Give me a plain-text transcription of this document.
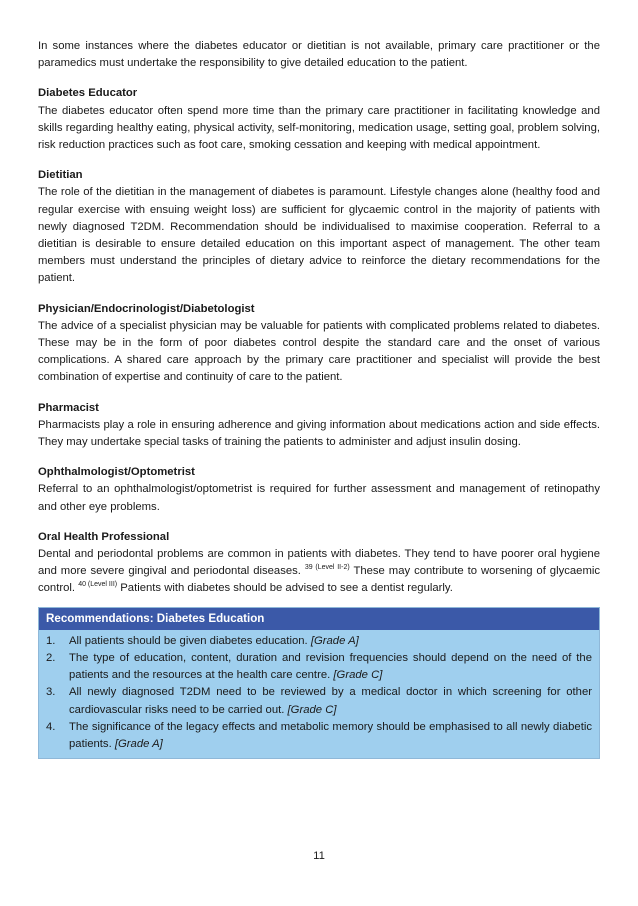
In some instances where the diabetes educator or dietitian is not available, primary care practitioner or the paramedics must undertake the responsibility to give detailed education to the patient.

Diabetes Educator

The diabetes educator often spend more time than the primary care practitioner in facilitating knowledge and skills regarding healthy eating, physical activity, self-monitoring, medication usage, setting goal, problem solving, risk reduction practices such as foot care, smoking cessation and keeping with medical appointment.

Dietitian

The role of the dietitian in the management of diabetes is paramount. Lifestyle changes alone (healthy food and regular exercise with ensuing weight loss) are sufficient for glycaemic control in the majority of patients with newly diagnosed T2DM. Recommendation should be individualised to maximise cooperation. Referral to a dietitian is desirable to ensure detailed education on this important aspect of management. The other team members must understand the principles of dietary advice to reinforce the dietary recommendations for the patient.

Physician/Endocrinologist/Diabetologist

The advice of a specialist physician may be valuable for patients with complicated problems related to diabetes. These may be in the form of poor diabetes control despite the standard care and the onset of various complications. A shared care approach by the primary care practitioner and specialist will provide the best combination of expertise and continuity of care to the patient.

Pharmacist

Pharmacists play a role in ensuring adherence and giving information about medications action and side effects. They may undertake special tasks of training the patients to administer and adjust insulin dosing.

Ophthalmologist/Optometrist

Referral to an ophthalmologist/optometrist is required for further assessment and management of retinopathy and other eye problems.

Oral Health Professional

Dental and periodontal problems are common in patients with diabetes. They tend to have poorer oral hygiene and more severe gingival and periodontal diseases. $^{39 (Level II-2)}$ These may contribute to worsening of glycaemic control. $^{40 (Level III)}$ Patients with diabetes should be advised to see a dentist regularly.

Recommendations: Diabetes Education
1.	All patients should be given diabetes education. [Grade A]
2.	The type of education, content, duration and revision frequencies should depend on the need of the patients and the resources at the health care centre. [Grade C]
3.	All newly diagnosed T2DM need to be reviewed by a medical doctor in which screening for other cardiovascular risks need to be carried out. [Grade C]
4.	The significance of the legacy effects and metabolic memory should be emphasised to all newly diabetic patients. [Grade A]
11
